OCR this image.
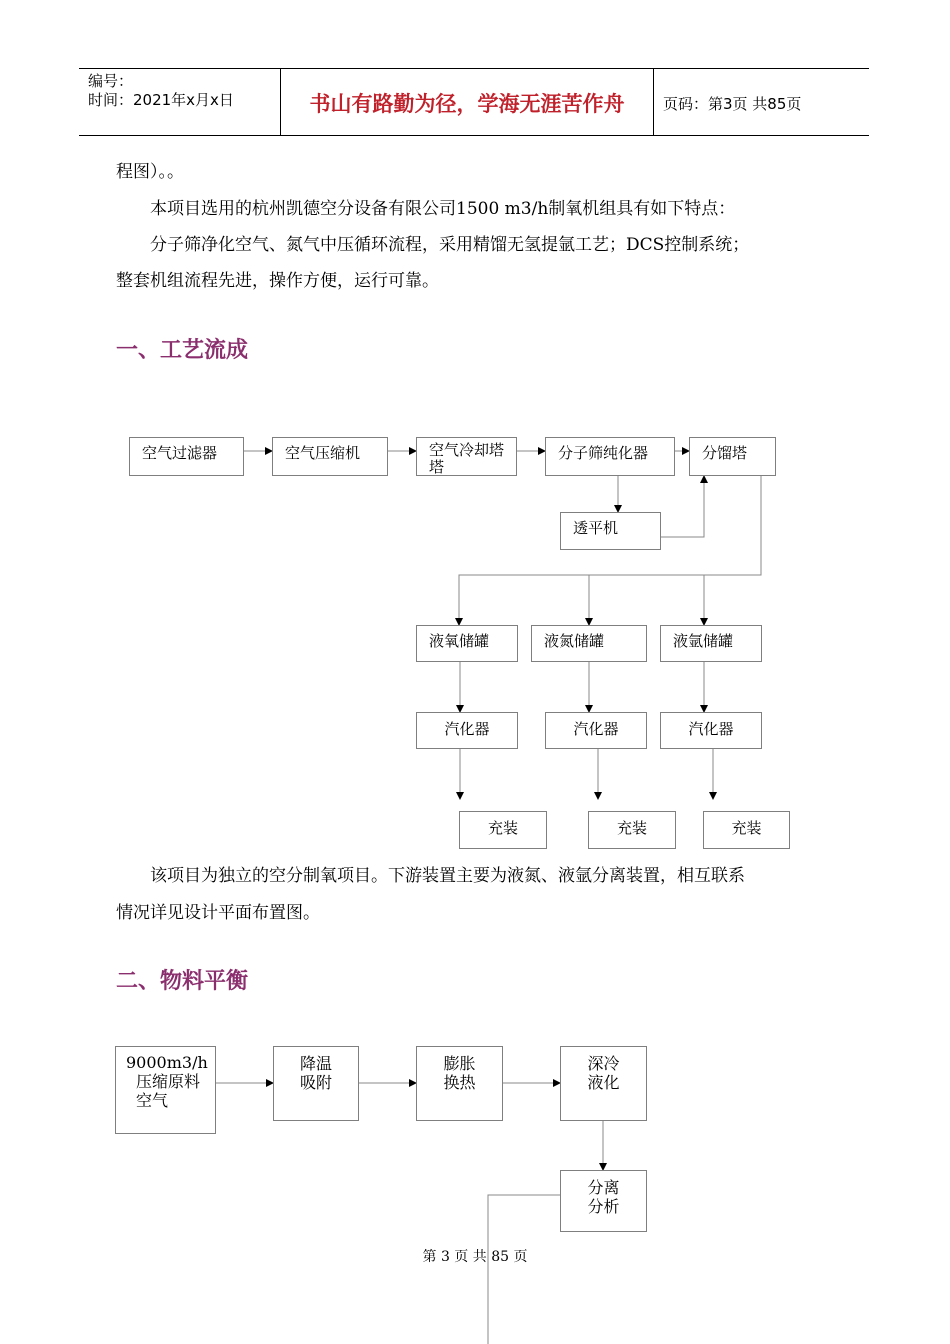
编号：
时间：2021年x月x日	书山有路勤为径，学海无涯苦作舟	页码：第3页 共85页
程图）。。
本项目选用的杭州凯德空分设备有限公司1500 m3/h制氧机组具有如下特点：
分子筛净化空气、氮气中压循环流程，采用精馏无氢提氩工艺；DCS控制系统；
整套机组流程先进，操作方便，运行可靠。
一、工艺流成
空气过滤器	空气压缩机	空气冷却塔塔
分子筛纯化器	分馏塔
透平机
液氧储罐	液氮储罐	液氩储罐
汽化器	汽化器	汽化器
充装	充装	充装
该项目为独立的空分制氧项目。下游装置主要为液氮、液氩分离装置，相互联系
情况详见设计平面布置图。
二、物料平衡
9000m3/h
压缩原料
空气
降温
吸附
膨胀
换热
深冷
液化
分离
分析
第 3 页 共 85 页
